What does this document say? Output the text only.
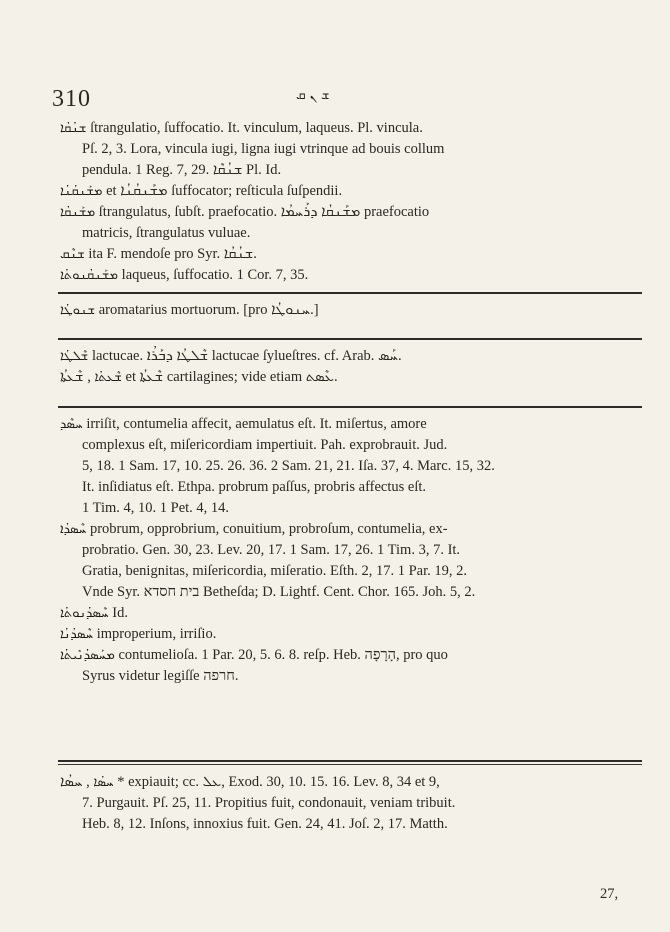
310	ܫ ܢ ܩ
ܫܢܳܩܳܐ ſtrangulatio, ſuffocatio. It. vinculum, laqueus. Pl. vincula.
Pſ. 2, 3. Lora, vincula iugi, ligna iugi vtrinque ad bouis collum
pendula. 1 Reg. 7, 29. ܫܢܳܩܶܐ Pl. Id.
ܡܫܰܢܩܳܢܳܐ et ܡܫܰܢܩܳܢܳܐ ſuffocator; reſticula ſuſpendii.
ܡܫܰܢܩܳܐ ſtrangulatus, ſubſt. praefocatio. ܡܫܰܢܩܳܐ ܕܪܰܚܡܳܐ praefocatio
matricis, ſtrangulatus vuluae.
ܫܢܶܩ ita F. mendoſe pro Syr. ܫܢܳܩܳܐ.
ܡܫܰܢܩܳܢܘܬܳܐ laqueus, ſuffocatio. 1 Cor. 7, 35.
ܫܢܘܛܳܐ aromatarius mortuorum. [pro ܚܢܘܛܳܐ.]
ܫܶܠܛܳܐ lactucae. ܫܶܠܛܳܐ ܕܒܰܪܳܐ lactucae ſylueſtres. cf. Arab. ܚܰܣ.
ܫܶܥܬܳܐ , ܫܶܥܬܳܐ et ܫܶܥܬܳܐ cartilagines; vide etiam ܥܶܣܬ.
ܚܣܶܕ irriſit, contumelia affecit, aemulatus eſt. It. miſertus, amore
complexus eſt, miſericordiam impertiuit. Pah. exprobrauit. Jud.
5, 18. 1 Sam. 17, 10. 25. 26. 36. 2 Sam. 21, 21. Iſa. 37, 4. Marc. 15, 32.
It. inſidiatus eſt. Ethpa. probrum paſſus, probris affectus eſt.
1 Tim. 4, 10. 1 Pet. 4, 14.
ܚܶܣܕܳܐ probrum, opprobrium, conuitium, probroſum, contumelia, ex-
probratio. Gen. 30, 23. Lev. 20, 17. 1 Sam. 17, 26. 1 Tim. 3, 7. It.
Gratia, benignitas, miſericordia, miſeratio. Eſth. 2, 17. 1 Par. 19, 2.
Vnde Syr. בית חסדא Betheſda; D. Lightf. Cent. Chor. 165. Joh. 5, 2.
ܚܶܣܕܳܢܘܬܳܐ Id.
ܚܶܣܕܳܢܳܐ improperium, irriſio.
ܡܚܰܣܕܳܢܺܝܬܳܐ contumelioſa. 1 Par. 20, 5. 6. 8. reſp. Heb. הָרָפָה, pro quo
Syrus videtur legiſſe חרפה.
ܚܣܳܐ , ܚܣܳܐ * expiauit; cc. ܥܠ, Exod. 30, 10. 15. 16. Lev. 8, 34 et 9,
7. Purgauit. Pſ. 25, 11. Propitius fuit, condonauit, veniam tribuit.
Heb. 8, 12. Inſons, innoxius fuit. Gen. 24, 41. Joſ. 2, 17. Matth.
27,
